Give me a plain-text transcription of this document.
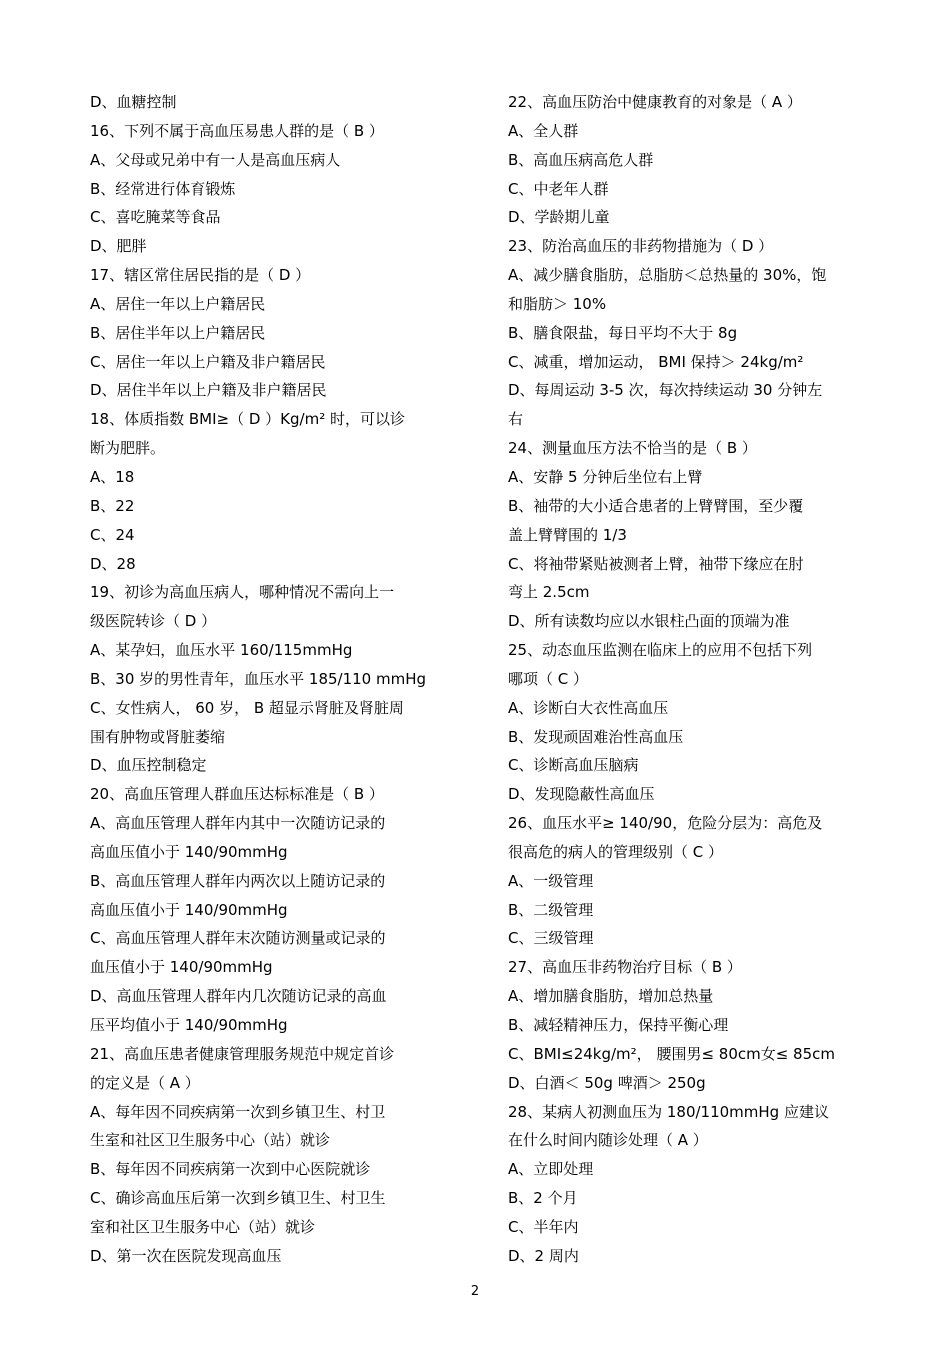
D、血糖控制
16、下列不属于高血压易患人群的是（ B ）
A、父母或兄弟中有一人是高血压病人
B、经常进行体育锻炼
C、喜吃腌菜等食品
D、肥胖
17、辖区常住居民指的是（ D ）
A、居住一年以上户籍居民
B、居住半年以上户籍居民
C、居住一年以上户籍及非户籍居民
D、居住半年以上户籍及非户籍居民
18、体质指数 BMI≥（ D ）Kg/m² 时，可以诊
断为肥胖。
A、18
B、22
C、24
D、28
19、初诊为高血压病人，哪种情况不需向上一
级医院转诊（ D ）
A、某孕妇，血压水平 160/115mmHg
B、30 岁的男性青年，血压水平 185/110 mmHg
C、女性病人， 60 岁， B 超显示肾脏及肾脏周
围有肿物或肾脏萎缩
D、血压控制稳定
20、高血压管理人群血压达标标准是（ B ）
A、高血压管理人群年内其中一次随访记录的
高血压值小于 140/90mmHg
B、高血压管理人群年内两次以上随访记录的
高血压值小于 140/90mmHg
C、高血压管理人群年末次随访测量或记录的
血压值小于 140/90mmHg
D、高血压管理人群年内几次随访记录的高血
压平均值小于 140/90mmHg
21、高血压患者健康管理服务规范中规定首诊
的定义是（ A ）
A、每年因不同疾病第一次到乡镇卫生、村卫
生室和社区卫生服务中心（站）就诊
B、每年因不同疾病第一次到中心医院就诊
C、确诊高血压后第一次到乡镇卫生、村卫生
室和社区卫生服务中心（站）就诊
D、第一次在医院发现高血压
22、高血压防治中健康教育的对象是（ A ）
A、全人群
B、高血压病高危人群
C、中老年人群
D、学龄期儿童
23、防治高血压的非药物措施为（ D ）
A、减少膳食脂肪，总脂肪＜总热量的 30%，饱
和脂肪＞ 10%
B、膳食限盐，每日平均不大于 8g
C、减重，增加运动， BMI 保持＞ 24kg/m²
D、每周运动 3-5 次，每次持续运动 30 分钟左
右
24、测量血压方法不恰当的是（ B ）
A、安静 5 分钟后坐位右上臂
B、袖带的大小适合患者的上臂臂围，至少覆
盖上臂臂围的 1/3
C、将袖带紧贴被测者上臂，袖带下缘应在肘
弯上 2.5cm
D、所有读数均应以水银柱凸面的顶端为准
25、动态血压监测在临床上的应用不包括下列
哪项（ C ）
A、诊断白大衣性高血压
B、发现顽固难治性高血压
C、诊断高血压脑病
D、发现隐蔽性高血压
26、血压水平≥ 140/90，危险分层为：高危及
很高危的病人的管理级别（ C ）
A、一级管理
B、二级管理
C、三级管理
27、高血压非药物治疗目标（ B ）
A、增加膳食脂肪，增加总热量
B、减轻精神压力，保持平衡心理
C、BMI≤24kg/m²， 腰围男≤ 80cm女≤ 85cm
D、白酒＜ 50g 啤酒＞ 250g
28、某病人初测血压为 180/110mmHg 应建议
在什么时间内随诊处理（ A ）
A、立即处理
B、2 个月
C、半年内
D、2 周内
2
